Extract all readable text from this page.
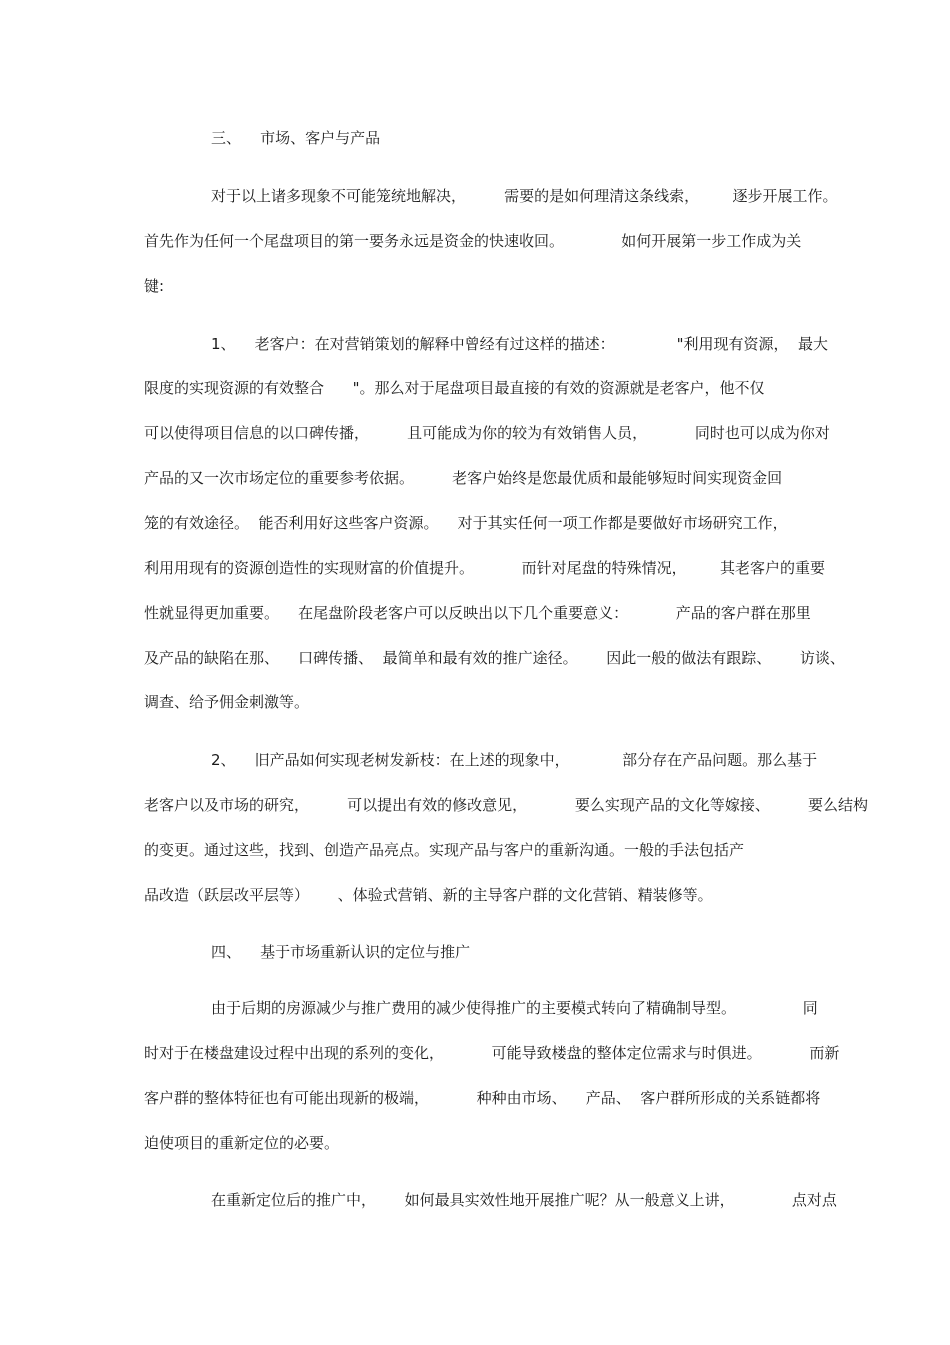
三、    市场、客户与产品
对于以上诸多现象不可能笼统地解决，        需要的是如何理清这条线索，       逐步开展工作。
首先作为任何一个尾盘项目的第一要务永远是资金的快速收回。            如何开展第一步工作成为关
键:
1、    老客户：在对营销策划的解释中曾经有过这样的描述：             "利用现有资源，  最大
限度的实现资源的有效整合      "。那么对于尾盘项目最直接的有效的资源就是老客户，他不仅
可以使得项目信息的以口碑传播，        且可能成为你的较为有效销售人员，          同时也可以成为你对
产品的又一次市场定位的重要参考依据。        老客户始终是您最优质和最能够短时间实现资金回
笼的有效途径。  能否利用好这些客户资源。    对于其实任何一项工作都是要做好市场研究工作，
利用用现有的资源创造性的实现财富的价值提升。          而针对尾盘的特殊情况，       其老客户的重要
性就显得更加重要。    在尾盘阶段老客户可以反映出以下几个重要意义：          产品的客户群在那里
及产品的缺陷在那、    口碑传播、  最简单和最有效的推广途径。      因此一般的做法有跟踪、      访谈、
调查、给予佣金刺激等。
2、    旧产品如何实现老树发新枝：在上述的现象中，           部分存在产品问题。那么基于
老客户以及市场的研究，        可以提出有效的修改意见，          要么实现产品的文化等嫁接、        要么结构
的变更。通过这些，找到、创造产品亮点。实现产品与客户的重新沟通。一般的手法包括产
品改造（跃层改平层等）      、体验式营销、新的主导客户群的文化营销、精装修等。
四、    基于市场重新认识的定位与推广
由于后期的房源减少与推广费用的减少使得推广的主要模式转向了精确制导型。              同
时对于在楼盘建设过程中出现的系列的变化，          可能导致楼盘的整体定位需求与时俱进。          而新
客户群的整体特征也有可能出现新的极端，          种种由市场、    产品、  客户群所形成的关系链都将
迫使项目的重新定位的必要。
在重新定位后的推广中，      如何最具实效性地开展推广呢？从一般意义上讲，            点对点
